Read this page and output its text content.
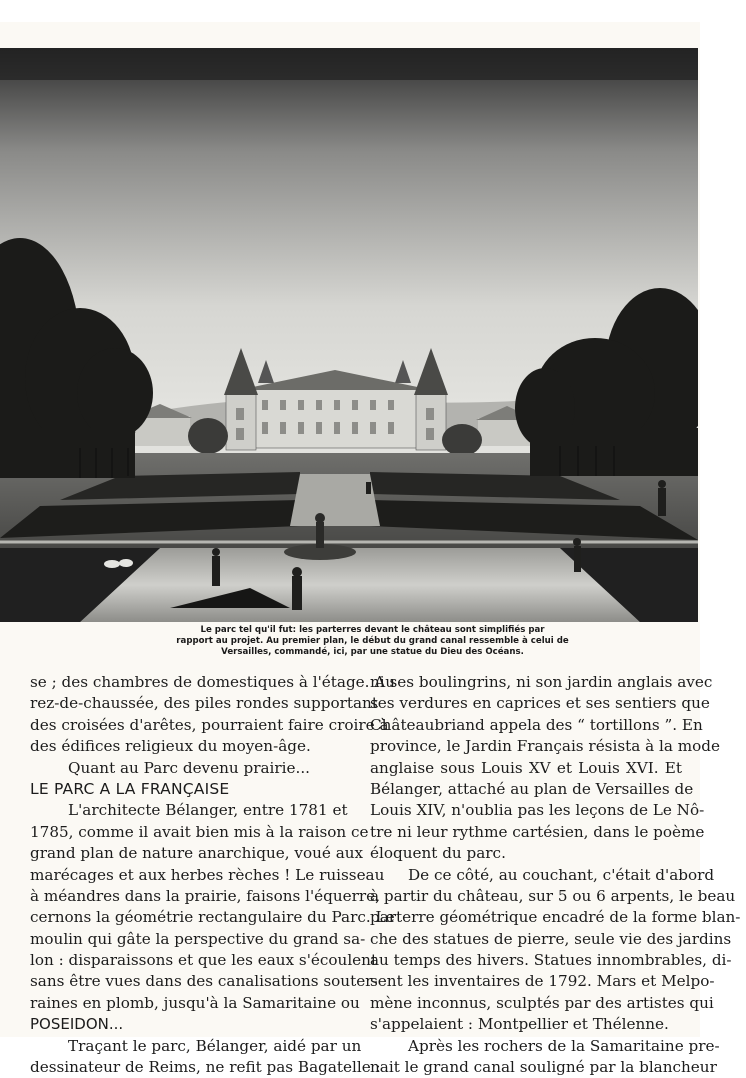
Le parc tel qu'il fut: les parterres devant le château sont simplifiés par
rapport au projet. Au premier plan, le début du grand canal ressemble à celui de
Versailles, commandé, ici, par une statue du Dieu des Océans.
se ; des chambres de domestiques à l'étage. Au
rez-de-chaussée, des piles rondes supportant
des croisées d'arêtes, pourraient faire croire à
des édifices religieux du moyen-âge.
Quant au Parc devenu prairie...
LE PARC A LA FRANÇAISE
L'architecte Bélanger, entre 1781 et
1785, comme il avait bien mis à la raison ce
grand plan de nature anarchique, voué aux
marécages et aux herbes rèches ! Le ruisseau
à méandres dans la prairie, faisons l'équerre,
cernons la géométrie rectangulaire du Parc. Le
moulin qui gâte la perspective du grand sa-
lon : disparaissons et que les eaux s'écoulent
sans être vues dans des canalisations souter-
raines en plomb, jusqu'à la Samaritaine ou
POSEIDON...
Traçant le parc, Bélanger, aidé par un
dessinateur de Reims, ne refit pas Bagatelle :
ni ses boulingrins, ni son jardin anglais avec
ses verdures en caprices et ses sentiers que
Châteaubriand appela des “ tortillons ”. En
province, le Jardin Français résista à la mode
anglaise sous Louis XV et Louis XVI. Et
Bélanger, attaché au plan de Versailles de
Louis XIV, n'oublia pas les leçons de Le Nô-
tre ni leur rythme cartésien, dans le poème
éloquent du parc.
De ce côté, au couchant, c'était d'abord
à partir du château, sur 5 ou 6 arpents, le beau
parterre géométrique encadré de la forme blan-
che des statues de pierre, seule vie des jardins
au temps des hivers. Statues innombrables, di-
sent les inventaires de 1792. Mars et Melpo-
mène inconnus, sculptés par des artistes qui
s'appelaient : Montpellier et Thélenne.
Après les rochers de la Samaritaine pre-
nait le grand canal souligné par la blancheur
